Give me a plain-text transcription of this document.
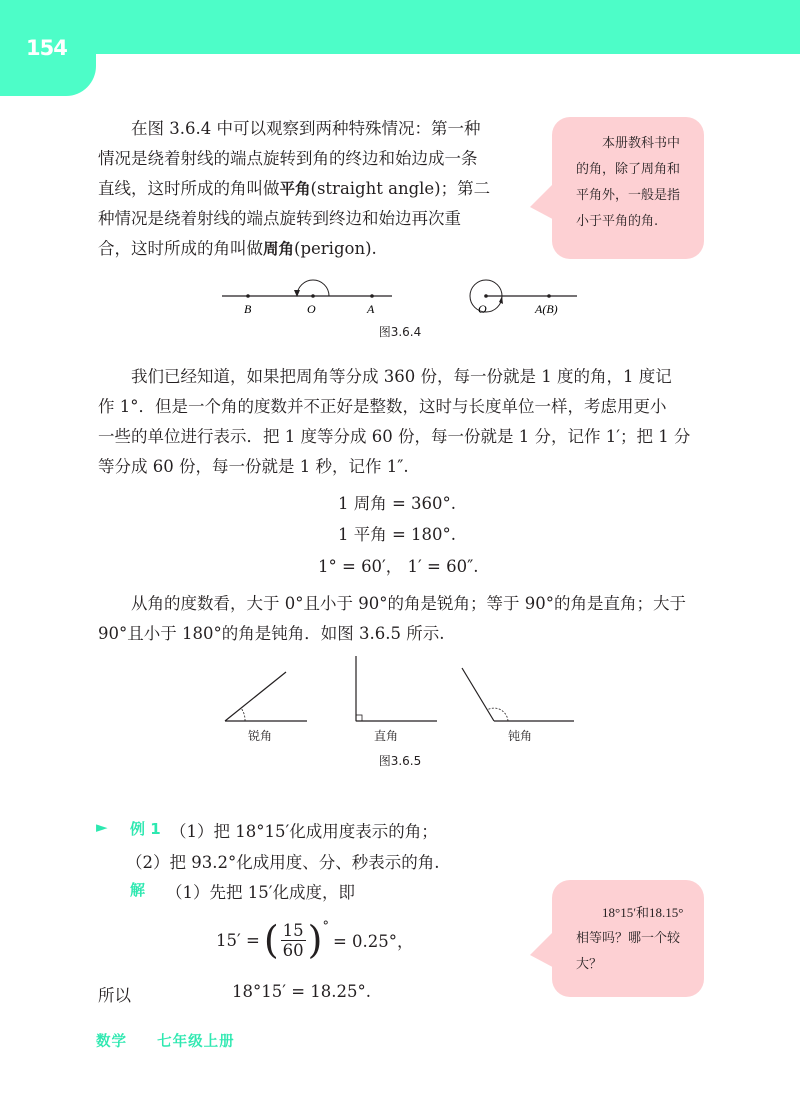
154

在图 3.6.4 中可以观察到两种特殊情况：第一种

情况是绕着射线的端点旋转到角的终边和始边成一条

直线，这时所成的角叫做平角(straight angle)；第二

种情况是绕着射线的端点旋转到终边和始边再次重

合，这时所成的角叫做周角(perigon).

本册教科书中

的角，除了周角和

平角外，一般是指

小于平角的角.

B	O	A	O	A(B)
图3.6.4

我们已经知道，如果把周角等分成 360 份，每一份就是 1 度的角，1 度记

作 1°．但是一个角的度数并不正好是整数，这时与长度单位一样，考虑用更小

一些的单位进行表示．把 1 度等分成 60 份，每一份就是 1 分，记作 1′；把 1 分

等分成 60 份，每一份就是 1 秒，记作 1″.

1 周角 = 360°.
1 平角 = 180°.
1° = 60′， 1′ = 60″.

从角的度数看，大于 0°且小于 90°的角是锐角；等于 90°的角是直角；大于

90°且小于 180°的角是钝角．如图 3.6.5 所示.

锐角	直角	钝角
图3.6.5
► 例 1 （1）把 18°15′化成用度表示的角；
（2）把 93.2°化成用度、分、秒表示的角.
解 （1）先把 15′化成度，即
15′ = ( $\frac{15}{60}$ ) °
= 0.25°，
所以	18°15′ = 18.25°.

18°15′和18.15°

相等吗？哪一个较

大？

数学 七年级上册
